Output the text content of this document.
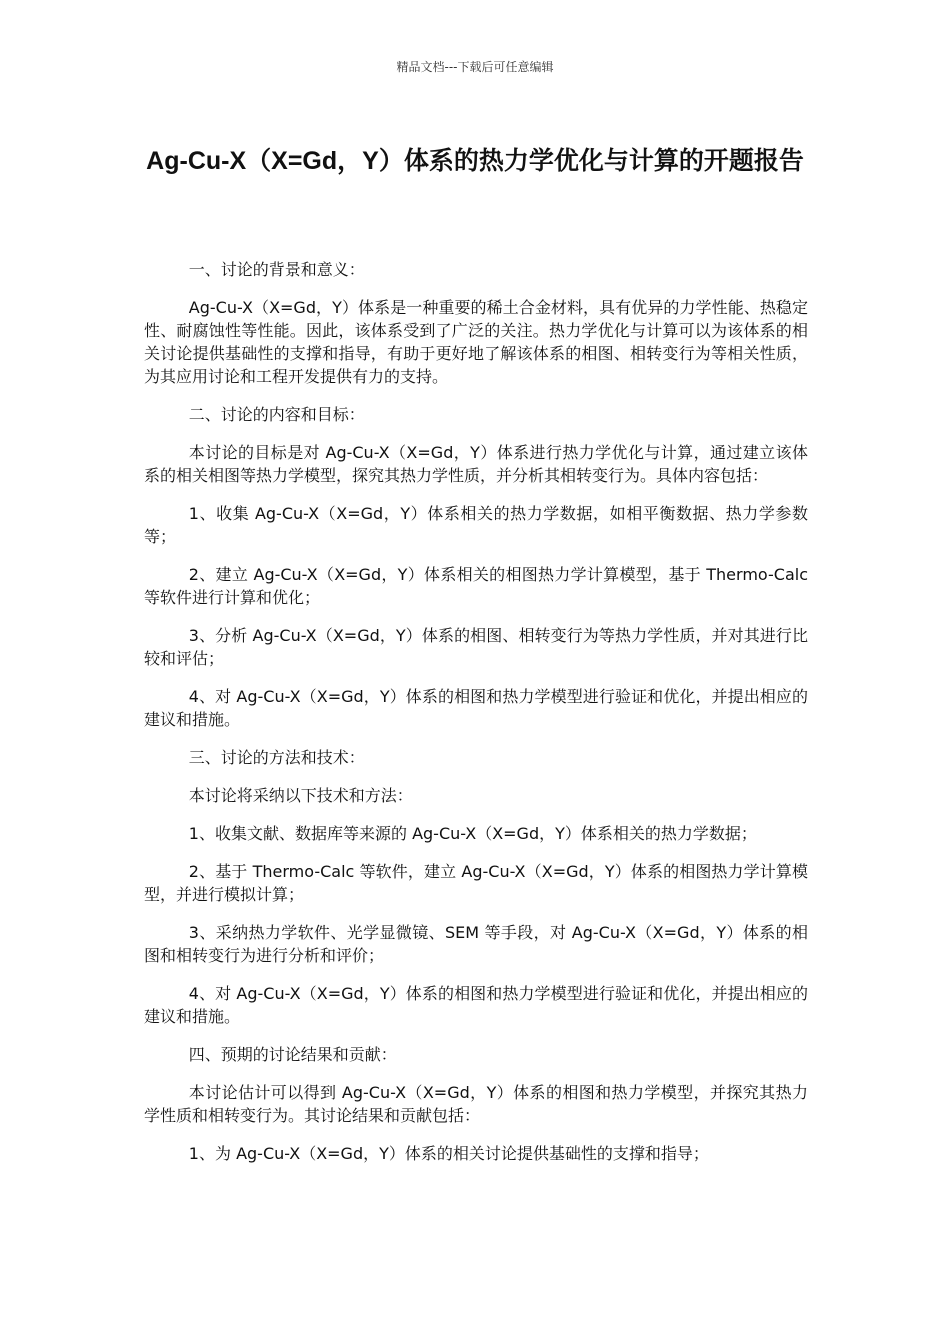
精品文档---下载后可任意编辑
Ag-Cu-X（X=Gd，Y）体系的热力学优化与计算的开题报告

一、讨论的背景和意义：

Ag-Cu-X（X=Gd，Y）体系是一种重要的稀土合金材料，具有优异的力学性能、热稳定性、耐腐蚀性等性能。因此，该体系受到了广泛的关注。热力学优化与计算可以为该体系的相关讨论提供基础性的支撑和指导，有助于更好地了解该体系的相图、相转变行为等相关性质，为其应用讨论和工程开发提供有力的支持。

二、讨论的内容和目标：

本讨论的目标是对 Ag-Cu-X（X=Gd，Y）体系进行热力学优化与计算，通过建立该体系的相关相图等热力学模型，探究其热力学性质，并分析其相转变行为。具体内容包括：

1、收集 Ag-Cu-X（X=Gd，Y）体系相关的热力学数据，如相平衡数据、热力学参数等；

2、建立 Ag-Cu-X（X=Gd，Y）体系相关的相图热力学计算模型，基于 Thermo-Calc 等软件进行计算和优化；

3、分析 Ag-Cu-X（X=Gd，Y）体系的相图、相转变行为等热力学性质，并对其进行比较和评估；

4、对 Ag-Cu-X（X=Gd，Y）体系的相图和热力学模型进行验证和优化，并提出相应的建议和措施。

三、讨论的方法和技术：

本讨论将采纳以下技术和方法：

1、收集文献、数据库等来源的 Ag-Cu-X（X=Gd，Y）体系相关的热力学数据；

2、基于 Thermo-Calc 等软件，建立 Ag-Cu-X（X=Gd，Y）体系的相图热力学计算模型，并进行模拟计算；

3、采纳热力学软件、光学显微镜、SEM 等手段，对 Ag-Cu-X（X=Gd，Y）体系的相图和相转变行为进行分析和评价；

4、对 Ag-Cu-X（X=Gd，Y）体系的相图和热力学模型进行验证和优化，并提出相应的建议和措施。

四、预期的讨论结果和贡献：

本讨论估计可以得到 Ag-Cu-X（X=Gd，Y）体系的相图和热力学模型，并探究其热力学性质和相转变行为。其讨论结果和贡献包括：

1、为 Ag-Cu-X（X=Gd，Y）体系的相关讨论提供基础性的支撑和指导；
